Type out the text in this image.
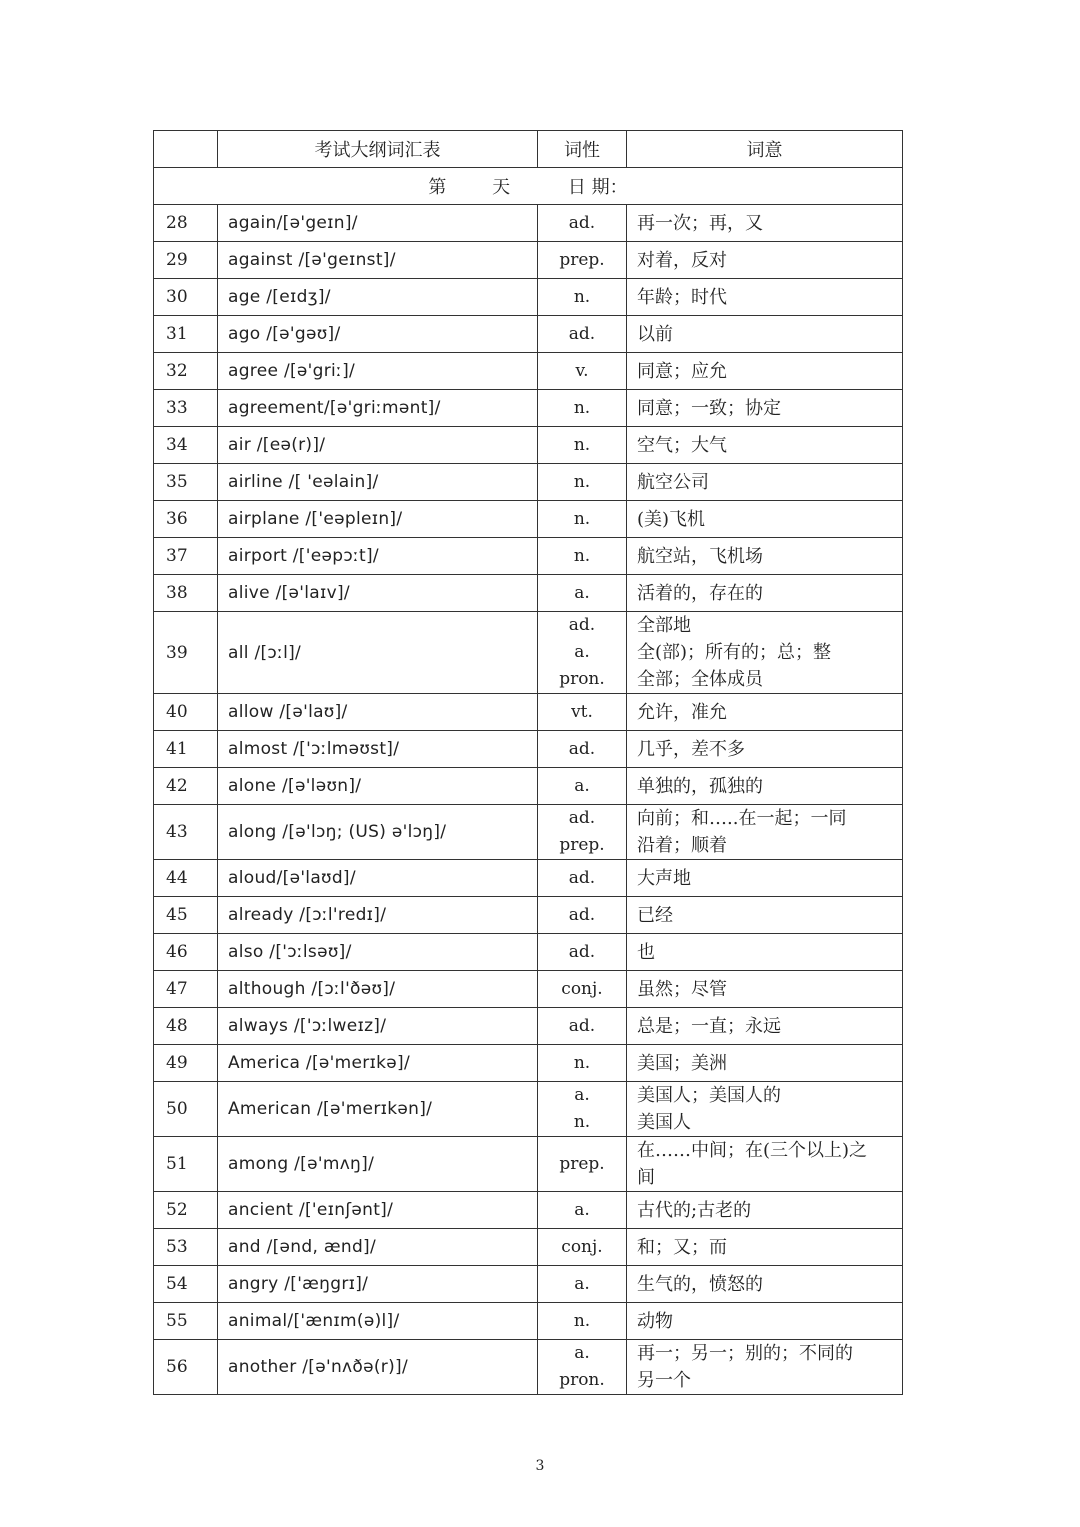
	考试大纲词汇表	词性	词意
第 天 日 期：			
28	again/[ə'geɪn]/	ad.	再一次；再，又

29	against /[ə'geɪnst]/	prep.	对着，反对

30	age /[eɪdʒ]/	n.	年龄；时代

31	ago /[ə'gəʊ]/	ad.	以前

32	agree /[ə'griː]/	v.	同意；应允

33	agreement/[ə'griːmənt]/	n.	同意；一致；协定

34	air /[eə(r)]/	n.	空气；大气

35	airline /[ 'eəlain]/	n.	航空公司

36	airplane /['eəpleɪn]/	n.	(美)飞机

37	airport /['eəpɔːt]/	n.	航空站，飞机场

38	alive /[ə'laɪv]/	a.	活着的，存在的

39	all /[ɔːl]/	ad.
a.
pron.	全部地
全(部)；所有的；总；整
全部；全体成员

40	allow /[ə'laʊ]/	vt.	允许，准允

41	almost /['ɔːlməʊst]/	ad.	几乎，差不多

42	alone /[ə'ləʊn]/	a.	单独的，孤独的

43	along /[ə'lɔŋ; (US) ə'lɔŋ]/	ad.
prep.	向前；和…..在一起；一同
沿着；顺着

44	aloud/[ə'laʊd]/	ad.	大声地

45	already /[ɔːl'redɪ]/	ad.	已经

46	also /['ɔːlsəʊ]/	ad.	也

47	although /[ɔːl'ðəʊ]/	conj.	虽然；尽管

48	always /['ɔːlweɪz]/	ad.	总是；一直；永远

49	America /[ə'merɪkə]/	n.	美国；美洲

50	American /[ə'merɪkən]/	a.
n.	美国人；美国人的
美国人

51	among /[ə'mʌŋ]/	prep.	在……中间；在(三个以上)之
间

52	ancient /['eɪnʃənt]/	a.	古代的;古老的

53	and /[ənd, ænd]/	conj.	和；又；而

54	angry /['æŋgrɪ]/	a.	生气的，愤怒的

55	animal/['ænɪm(ə)l]/	n.	动物

56	another /[ə'nʌðə(r)]/	a.
pron.	再一；另一；别的；不同的
另一个
3
